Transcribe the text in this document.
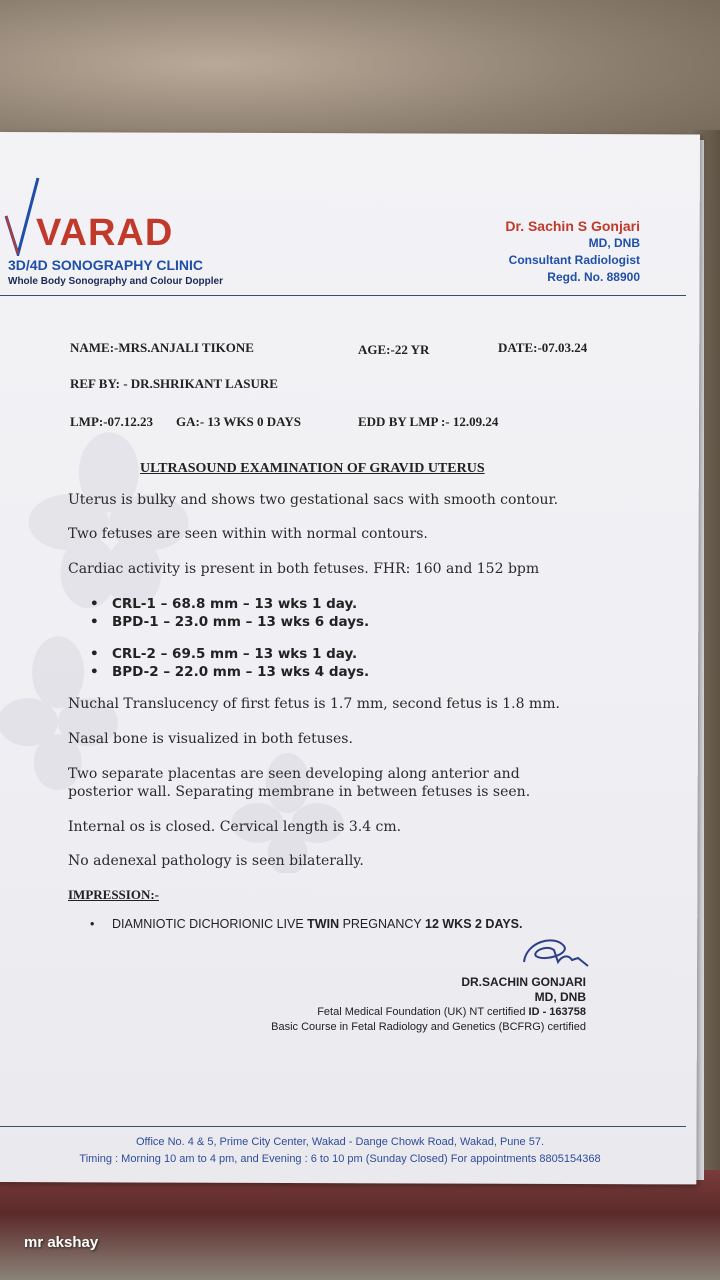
VARAD
3D/4D SONOGRAPHY CLINIC
Whole Body Sonography and Colour Doppler
Dr. Sachin S Gonjari
MD, DNB
Consultant Radiologist
Regd. No. 88900
NAME:-MRS.ANJALI TIKONE	AGE:-22 YR	DATE:-07.03.24
REF BY: - DR.SHRIKANT LASURE
LMP:-07.12.23 GA:- 13 WKS 0 DAYS	EDD BY LMP :- 12.09.24
ULTRASOUND EXAMINATION OF GRAVID UTERUS
Uterus is bulky and shows two gestational sacs with smooth contour.
Two fetuses are seen within with normal contours.
Cardiac activity is present in both fetuses. FHR: 160 and 152 bpm
• CRL-1 – 68.8 mm – 13 wks 1 day.
• BPD-1 – 23.0 mm – 13 wks 6 days.
• CRL-2 – 69.5 mm – 13 wks 1 day.
• BPD-2 – 22.0 mm – 13 wks 4 days.
Nuchal Translucency of first fetus is 1.7 mm, second fetus is 1.8 mm.
Nasal bone is visualized in both fetuses.
Two separate placentas are seen developing along anterior and posterior wall. Separating membrane in between fetuses is seen.
Internal os is closed. Cervical length is 3.4 cm.
No adenexal pathology is seen bilaterally.
IMPRESSION:-
• DIAMNIOTIC DICHORIONIC LIVE TWIN PREGNANCY 12 WKS 2 DAYS.
DR.SACHIN GONJARI
MD, DNB
Fetal Medical Foundation (UK) NT certified ID - 163758
Basic Course in Fetal Radiology and Genetics (BCFRG) certified
Office No. 4 & 5, Prime City Center, Wakad - Dange Chowk Road, Wakad, Pune 57.
Timing : Morning 10 am to 4 pm, and Evening : 6 to 10 pm (Sunday Closed) For appointments 8805154368
mr akshay
